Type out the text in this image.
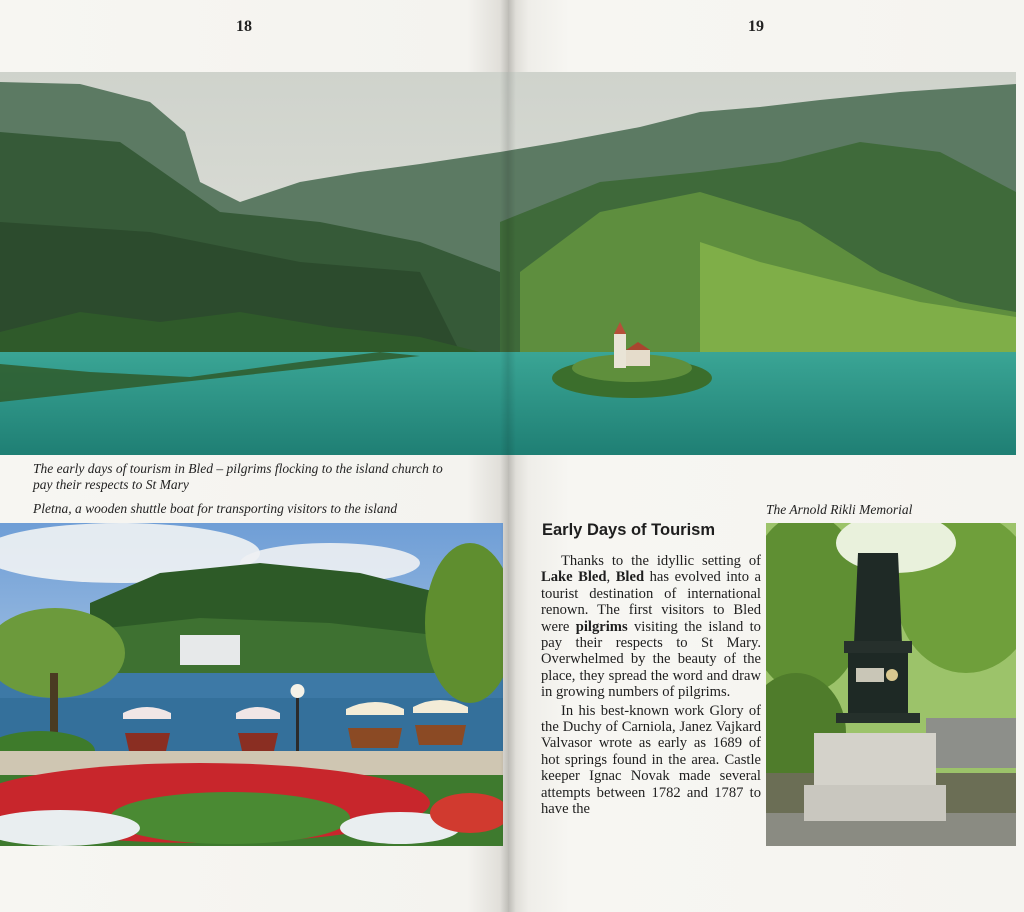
18	19
The early days of tourism in Bled – pilgrims flocking to the island church to pay their respects to St Mary
Pletna, a wooden shuttle boat for transporting visitors to the island
Early Days of Tourism

Thanks to the idyllic setting of Lake Bled, Bled has evolved into a tourist destination of international renown. The first visitors to Bled were pilgrims visiting the island to pay their respects to St Mary. Overwhelmed by the beauty of the place, they spread the word and draw in growing numbers of pilgrims.

In his best-known work Glory of the Duchy of Carniola, Janez Vajkard Valvasor wrote as early as 1689 of hot springs found in the area. Castle keeper Ignac Novak made several attempts between 1782 and 1787 to have the

The Arnold Rikli Memorial
